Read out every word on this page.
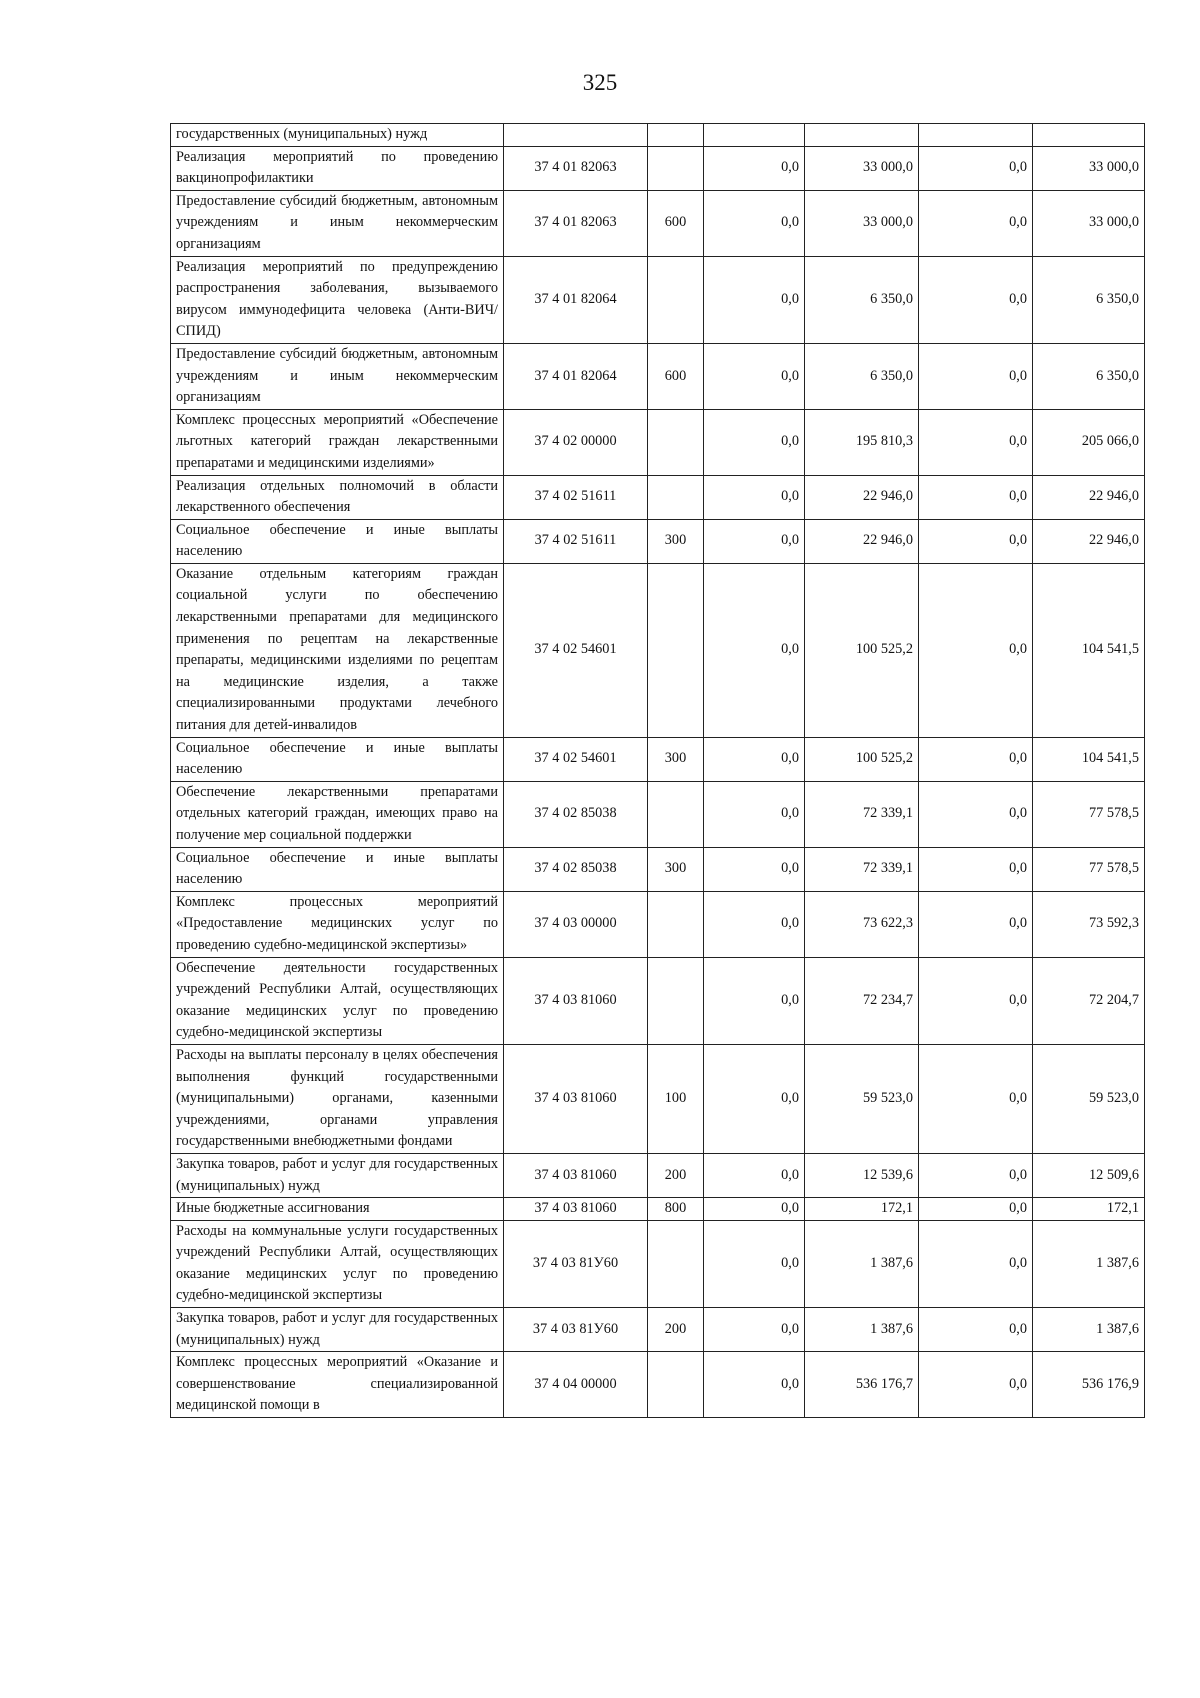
325
государственных (муниципальных) нужд						
Реализация мероприятий по проведению вакцинопрофилактики	37 4 01 82063		0,0	33 000,0	0,0	33 000,0
Предоставление субсидий бюджетным, автономным учреждениям и иным некоммерческим организациям	37 4 01 82063	600	0,0	33 000,0	0,0	33 000,0
Реализация мероприятий по предупреждению распространения заболевания, вызываемого вирусом иммунодефицита человека (Анти-ВИЧ/СПИД)	37 4 01 82064		0,0	6 350,0	0,0	6 350,0
Предоставление субсидий бюджетным, автономным учреждениям и иным некоммерческим организациям	37 4 01 82064	600	0,0	6 350,0	0,0	6 350,0
Комплекс процессных мероприятий «Обеспечение льготных категорий граждан лекарственными препаратами и медицинскими изделиями»	37 4 02 00000		0,0	195 810,3	0,0	205 066,0
Реализация отдельных полномочий в области лекарственного обеспечения	37 4 02 51611		0,0	22 946,0	0,0	22 946,0
Социальное обеспечение и иные выплаты населению	37 4 02 51611	300	0,0	22 946,0	0,0	22 946,0
Оказание отдельным категориям граждан социальной услуги по обеспечению лекарственными препаратами для медицинского применения по рецептам на лекарственные препараты, медицинскими изделиями по рецептам на медицинские изделия, а также специализированными продуктами лечебного питания для детей-инвалидов	37 4 02 54601		0,0	100 525,2	0,0	104 541,5
Социальное обеспечение и иные выплаты населению	37 4 02 54601	300	0,0	100 525,2	0,0	104 541,5
Обеспечение лекарственными препаратами отдельных категорий граждан, имеющих право на получение мер социальной поддержки	37 4 02 85038		0,0	72 339,1	0,0	77 578,5
Социальное обеспечение и иные выплаты населению	37 4 02 85038	300	0,0	72 339,1	0,0	77 578,5
Комплекс процессных мероприятий «Предоставление медицинских услуг по проведению судебно-медицинской экспертизы»	37 4 03 00000		0,0	73 622,3	0,0	73 592,3
Обеспечение деятельности государственных учреждений Республики Алтай, осуществляющих оказание медицинских услуг по проведению судебно-медицинской экспертизы	37 4 03 81060		0,0	72 234,7	0,0	72 204,7
Расходы на выплаты персоналу в целях обеспечения выполнения функций государственными (муниципальными) органами, казенными учреждениями, органами управления государственными внебюджетными фондами	37 4 03 81060	100	0,0	59 523,0	0,0	59 523,0
Закупка товаров, работ и услуг для государственных (муниципальных) нужд	37 4 03 81060	200	0,0	12 539,6	0,0	12 509,6
Иные бюджетные ассигнования	37 4 03 81060	800	0,0	172,1	0,0	172,1
Расходы на коммунальные услуги государственных учреждений Республики Алтай, осуществляющих оказание медицинских услуг по проведению судебно-медицинской экспертизы	37 4 03 81У60		0,0	1 387,6	0,0	1 387,6
Закупка товаров, работ и услуг для государственных (муниципальных) нужд	37 4 03 81У60	200	0,0	1 387,6	0,0	1 387,6
Комплекс процессных мероприятий «Оказание и совершенствование специализированной медицинской помощи в	37 4 04 00000		0,0	536 176,7	0,0	536 176,9
